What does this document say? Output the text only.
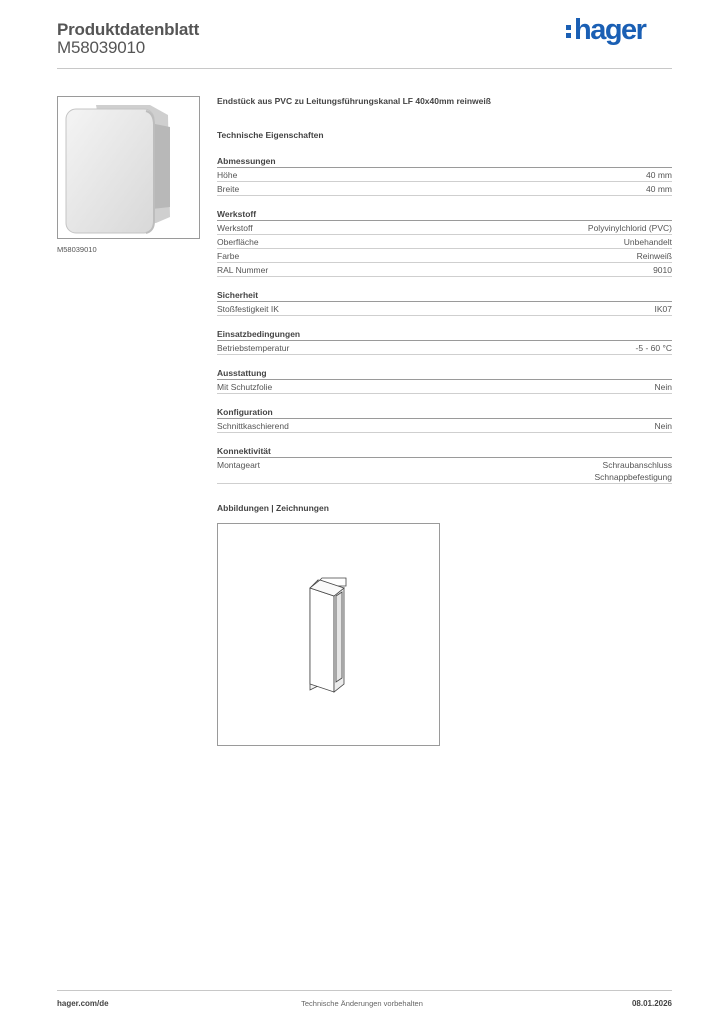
Produktdatenblatt
M58039010
hager
M58039010
Endstück aus PVC zu Leitungsführungskanal LF 40x40mm reinweiß
Technische Eigenschaften
Abmessungen
Höhe	40 mm
Breite	40 mm
Werkstoff
Werkstoff	Polyvinylchlorid (PVC)
Oberfläche	Unbehandelt
Farbe	Reinweiß
RAL Nummer	9010
Sicherheit
Stoßfestigkeit IK	IK07
Einsatzbedingungen
Betriebstemperatur	-5 - 60 °C
Ausstattung
Mit Schutzfolie	Nein
Konfiguration
Schnittkaschierend	Nein
Konnektivität
Montageart	Schraubanschluss
Schnappbefestigung
Abbildungen | Zeichnungen
hager.com/de	Technische Änderungen vorbehalten	08.01.2026
